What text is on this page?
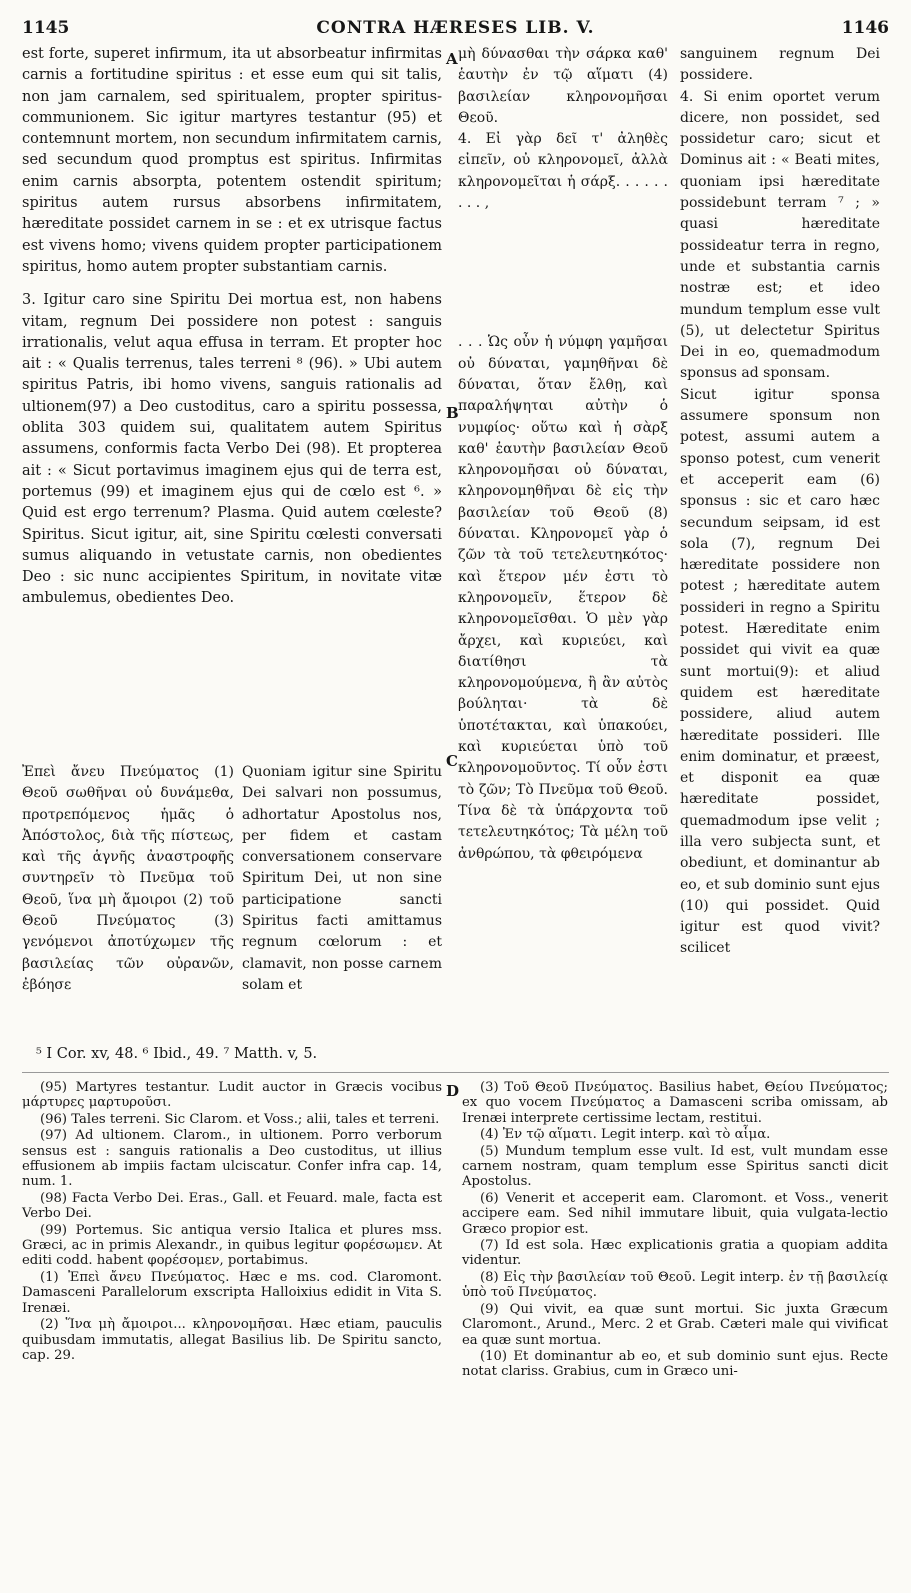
1145	CONTRA HÆRESES LIB. V.	1146

est forte, superet infirmum, ita ut absorbeatur infirmitas carnis a fortitudine spiritus : et esse eum qui sit talis, non jam carnalem, sed spiritualem, propter spiritus-communionem. Sic igitur martyres testantur (95) et contemnunt mortem, non secundum infirmitatem carnis, sed secundum quod promptus est spiritus. Infirmitas enim carnis absorpta, potentem ostendit spiritum; spiritus autem rursus absorbens infirmitatem, hæreditate possidet carnem in se : et ex utrisque factus est vivens homo; vivens quidem propter participationem spiritus, homo autem propter substantiam carnis.

3. Igitur caro sine Spiritu Dei mortua est, non habens vitam, regnum Dei possidere non potest : sanguis irrationalis, velut aqua effusa in terram. Et propter hoc ait : « Qualis terrenus, tales terreni ⁸ (96). » Ubi autem spiritus Patris, ibi homo vivens, sanguis rationalis ad ultionem(97) a Deo custoditus, caro a spiritu possessa, oblita 303 quidem sui, qualitatem autem Spiritus assumens, conformis facta Verbo Dei (98). Et propterea ait : « Sicut portavimus imaginem ejus qui de terra est, portemus (99) et imaginem ejus qui de cœlo est ⁶. » Quid est ergo terrenum? Plasma. Quid autem cœleste? Spiritus. Sicut igitur, ait, sine Spiritu cœlesti conversati sumus aliquando in vetustate carnis, non obedientes Deo : sic nunc accipientes Spiritum, in novitate vitæ ambulemus, obedientes Deo.

μὴ δύνασθαι τὴν σάρκα καθ' ἑαυτὴν ἐν τῷ αἵματι (4) βασιλείαν κληρονομῆσαι Θεοῦ.

4. Εἰ γὰρ δεῖ τ' ἀληθὲς εἰπεῖν, οὐ κληρονομεῖ, ἀλλὰ κληρονομεῖται ἡ σάρξ. . . . . . . . . ,

. . . Ὡς οὖν ἡ νύμφη γαμῆσαι οὐ δύναται, γαμηθῆναι δὲ δύναται, ὅταν ἔλθῃ, καὶ παραλήψηται αὐτὴν ὁ νυμφίος· οὕτω καὶ ἡ σὰρξ καθ' ἑαυτὴν βασιλείαν Θεοῦ κληρονομῆσαι οὐ δύναται, κληρονομηθῆναι δὲ εἰς τὴν βασιλείαν τοῦ Θεοῦ (8) δύναται. Κληρονομεῖ γὰρ ὁ ζῶν τὰ τοῦ τετελευτηκότος· καὶ ἕτερον μέν ἐστι τὸ κληρονομεῖν, ἕτερον δὲ κληρονομεῖσθαι. Ὁ μὲν γὰρ ἄρχει, καὶ κυριεύει, καὶ διατίθησι τὰ κληρονομούμενα, ἢ ἂν αὐτὸς βούληται· τὰ δὲ ὑποτέτακται, καὶ ὑπακούει, καὶ κυριεύεται ὑπὸ τοῦ κληρονομοῦντος. Τί οὖν ἐστι τὸ ζῶν; Τὸ Πνεῦμα τοῦ Θεοῦ. Τίνα δὲ τὰ ὑπάρχοντα τοῦ τετελευτηκότος; Τὰ μέλη τοῦ ἀνθρώπου, τὰ φθειρόμενα

sanguinem regnum Dei possidere.

4. Si enim oportet verum dicere, non possidet, sed possidetur caro; sicut et Dominus ait : « Beati mites, quoniam ipsi hæreditate possidebunt terram ⁷ ; » quasi hæreditate possideatur terra in regno, unde et substantia carnis nostræ est; et ideo mundum templum esse vult (5), ut delectetur Spiritus Dei in eo, quemadmodum sponsus ad sponsam.

Sicut igitur sponsa assumere sponsum non potest, assumi autem a sponso potest, cum venerit et acceperit eam (6) sponsus : sic et caro hæc secundum seipsam, id est sola (7), regnum Dei hæreditate possidere non potest ; hæreditate autem possideri in regno a Spiritu potest. Hæreditate enim possidet qui vivit ea quæ sunt mortui(9): et aliud quidem est hæreditate possidere, aliud autem hæreditate possideri. Ille enim dominatur, et præest, et disponit ea quæ hæreditate possidet, quemadmodum ipse velit ; illa vero subjecta sunt, et obediunt, et dominantur ab eo, et sub dominio sunt ejus (10) qui possidet. Quid igitur est quod vivit? scilicet

Ἐπεὶ ἄνευ Πνεύματος (1) Θεοῦ σωθῆναι οὐ δυνάμεθα, προτρεπόμενος ἡμᾶς ὁ Ἀπόστολος, διὰ τῆς πίστεως, καὶ τῆς ἁγνῆς ἀναστροφῆς συντηρεῖν τὸ Πνεῦμα τοῦ Θεοῦ, ἵνα μὴ ἄμοιροι (2) τοῦ Θεοῦ Πνεύματος (3) γενόμενοι ἀποτύχωμεν τῆς βασιλείας τῶν οὐρανῶν, ἐβόησε

Quoniam igitur sine Spiritu Dei salvari non possumus, adhortatur Apostolus nos, per fidem et castam conversationem conservare Spiritum Dei, ut non sine participatione sancti Spiritus facti amittamus regnum cœlorum : et clamavit, non posse carnem solam et

A
B
C
D
⁵ I Cor. xv, 48. ⁶ Ibid., 49. ⁷ Matth. v, 5.

(95) Martyres testantur. Ludit auctor in Græcis vocibus μάρτυρες μαρτυροῦσι.

(96) Tales terreni. Sic Clarom. et Voss.; alii, tales et terreni.

(97) Ad ultionem. Clarom., in ultionem. Porro verborum sensus est : sanguis rationalis a Deo custoditus, ut illius effusionem ab impiis factam ulciscatur. Confer infra cap. 14, num. 1.

(98) Facta Verbo Dei. Eras., Gall. et Feuard. male, facta est Verbo Dei.

(99) Portemus. Sic antiqua versio Italica et plures mss. Græci, ac in primis Alexandr., in quibus legitur φορέσωμεν. At editi codd. habent φορέσομεν, portabimus.

(1) Ἐπεὶ ἄνευ Πνεύματος. Hæc e ms. cod. Claromont. Damasceni Parallelorum exscripta Halloixius edidit in Vita S. Irenæi.

(2) Ἵνα μὴ ἄμοιροι... κληρονομῆσαι. Hæc etiam, pauculis quibusdam immutatis, allegat Basilius lib. De Spiritu sancto, cap. 29.

(3) Τοῦ Θεοῦ Πνεύματος. Basilius habet, Θείου Πνεύματος; ex quo vocem Πνεύματος a Damasceni scriba omissam, ab Irenæi interprete certissime lectam, restitui.

(4) Ἐν τῷ αἵματι. Legit interp. καὶ τὸ αἷμα.

(5) Mundum templum esse vult. Id est, vult mundam esse carnem nostram, quam templum esse Spiritus sancti dicit Apostolus.

(6) Venerit et acceperit eam. Claromont. et Voss., venerit accipere eam. Sed nihil immutare libuit, quia vulgata-lectio Græco propior est.

(7) Id est sola. Hæc explicationis gratia a quopiam addita videntur.

(8) Εἰς τὴν βασιλείαν τοῦ Θεοῦ. Legit interp. ἐν τῇ βασιλείᾳ ὑπὸ τοῦ Πνεύματος.

(9) Qui vivit, ea quæ sunt mortui. Sic juxta Græcum Claromont., Arund., Merc. 2 et Grab. Cæteri male qui vivificat ea quæ sunt mortua.

(10) Et dominantur ab eo, et sub dominio sunt ejus. Recte notat clariss. Grabius, cum in Græco uni-
